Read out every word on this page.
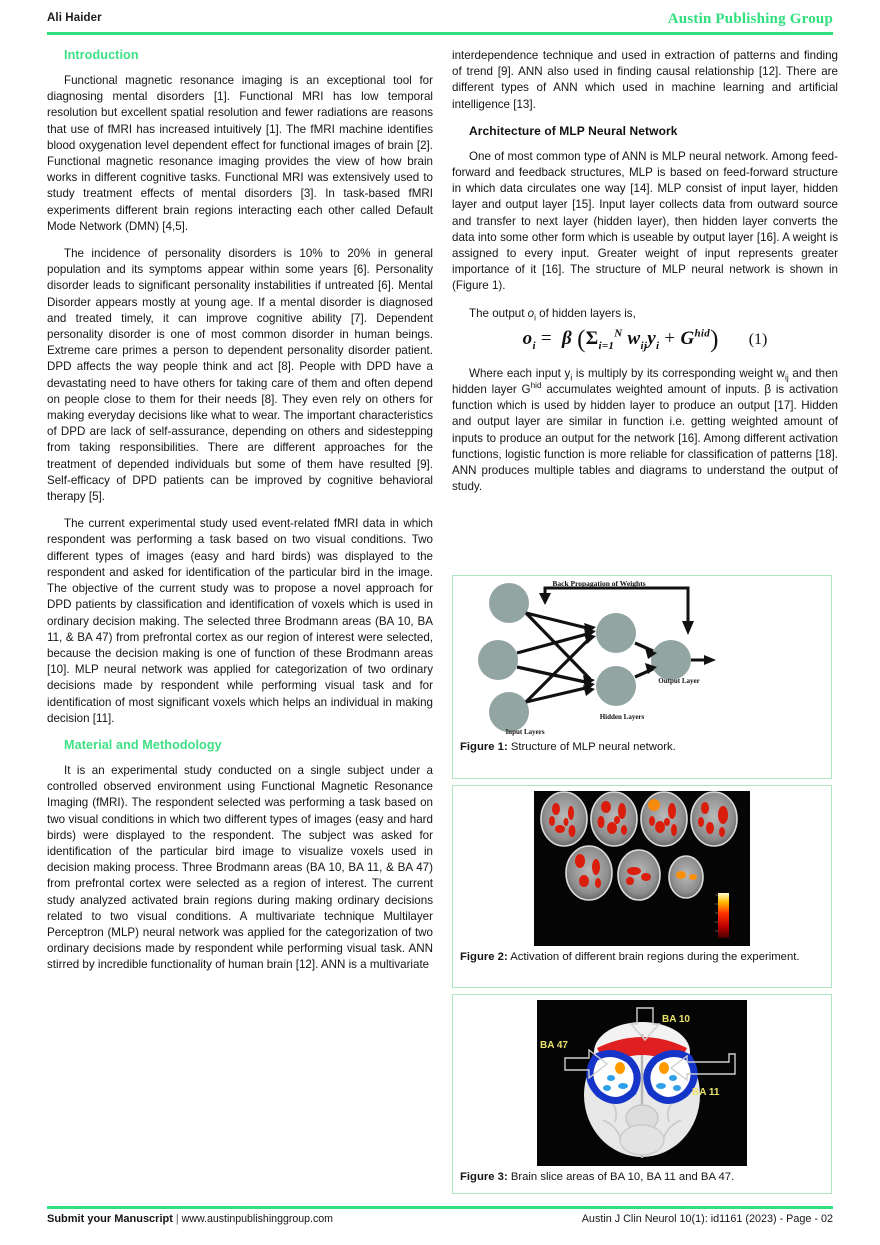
Ali Haider	Austin Publishing Group
Introduction

Functional magnetic resonance imaging is an exceptional tool for diagnosing mental disorders [1]. Functional MRI has low temporal resolution but excellent spatial resolution and fewer radiations are reasons that use of fMRI has increased intuitively [1]. The fMRI machine identifies blood oxygenation level dependent effect for functional images of brain [2]. Functional magnetic resonance imaging provides the view of how brain works in different cognitive tasks. Functional MRI was extensively used to study treatment effects of mental disorders [3]. In task-based fMRI experiments different brain regions interacting each other called Default Mode Network (DMN) [4,5].

The incidence of personality disorders is 10% to 20% in general population and its symptoms appear within some years [6]. Personality disorder leads to significant personality instabilities if untreated [6]. Mental Disorder appears mostly at young age. If a mental disorder is diagnosed and treated timely, it can improve cognitive ability [7]. Dependent personality disorder is one of most common disorder in human beings. Extreme care primes a person to dependent personality disorder patient. DPD affects the way people think and act [8]. People with DPD have a devastating need to have others for taking care of them and often depend on people close to them for their needs [8]. They even rely on others for making everyday decisions like what to wear. The important characteristics of DPD are lack of self-assurance, depending on others and sidestepping from taking responsibilities. There are different approaches for the treatment of depended individuals but some of them have resulted [9]. Self-efficacy of DPD patients can be improved by cognitive behavioral therapy [5].

The current experimental study used event-related fMRI data in which respondent was performing a task based on two visual conditions. Two different types of images (easy and hard birds) was displayed to the respondent and asked for identification of the particular bird in the image. The objective of the current study was to propose a novel approach for DPD patients by classification and identification of voxels which is used in ordinary decision making. The selected three Brodmann areas (BA 10, BA 11, & BA 47) from prefrontal cortex as our region of interest were selected, because the decision making is one of function of these Brodmann areas [10]. MLP neural network was applied for categorization of two ordinary decisions made by respondent while performing visual task and for identification of most significant voxels which helps an individual in making decision [11].

Material and Methodology

It is an experimental study conducted on a single subject under a controlled observed environment using Functional Magnetic Resonance Imaging (fMRI). The respondent selected was performing a task based on two visual conditions in which two different types of images (easy and hard birds) were displayed to the respondent. The subject was asked for identification of the particular bird image to visualize voxels used in decision making process. Three Brodmann areas (BA 10, BA 11, & BA 47) from prefrontal cortex were selected as a region of interest. The current study analyzed activated brain regions during making ordinary decisions related to two visual conditions. A multivariate technique Multilayer Perceptron (MLP) neural network was applied for the categorization of two ordinary decisions made by respondent while performing visual task. ANN stirred by incredible functionality of human brain [12]. ANN is a multivariate

interdependence technique and used in extraction of patterns and finding of trend [9]. ANN also used in finding causal relationship [12]. There are different types of ANN which used in machine learning and artificial intelligence [13].

Architecture of MLP Neural Network

One of most common type of ANN is MLP neural network. Among feed-forward and feedback structures, MLP is based on feed-forward structure in which data circulates one way [14]. MLP consist of input layer, hidden layer and output layer [15]. Input layer collects data from outward source and transfer to next layer (hidden layer), then hidden layer converts the data into some other form which is useable by output layer [16]. A weight is assigned to every input. Greater weight of input represents greater importance of it [16]. The structure of MLP neural network is shown in (Figure 1).

The output $o_i$ of hidden layers is,
$o_i = \beta$ ($\Sigma_{i=1}^N$ $w_{ij}y_i + G^{hid}$) (1)

Where each input $y_i$ is multiply by its corresponding weight $w_{ij}$ and then hidden layer $G^{hid}$ accumulates weighted amount of inputs. β is activation function which is used by hidden layer to produce an output [17]. Hidden and output layer are similar in function i.e. getting weighted amount of inputs to produce an output for the network [16]. Among different activation functions, logistic function is more reliable for classification of patterns [18]. ANN produces multiple tables and diagrams to understand the output of study.

Back Propagation of Weights
Hidden Layers
Output Layer
Input Layers
Figure 1: Structure of MLP neural network.
Figure 2: Activation of different brain regions during the experiment.
BA 10
BA 47
BA 11
Figure 3: Brain slice areas of BA 10, BA 11 and BA 47.
Submit your Manuscript | www.austinpublishinggroup.com	Austin J Clin Neurol 10(1): id1161 (2023) - Page - 02
